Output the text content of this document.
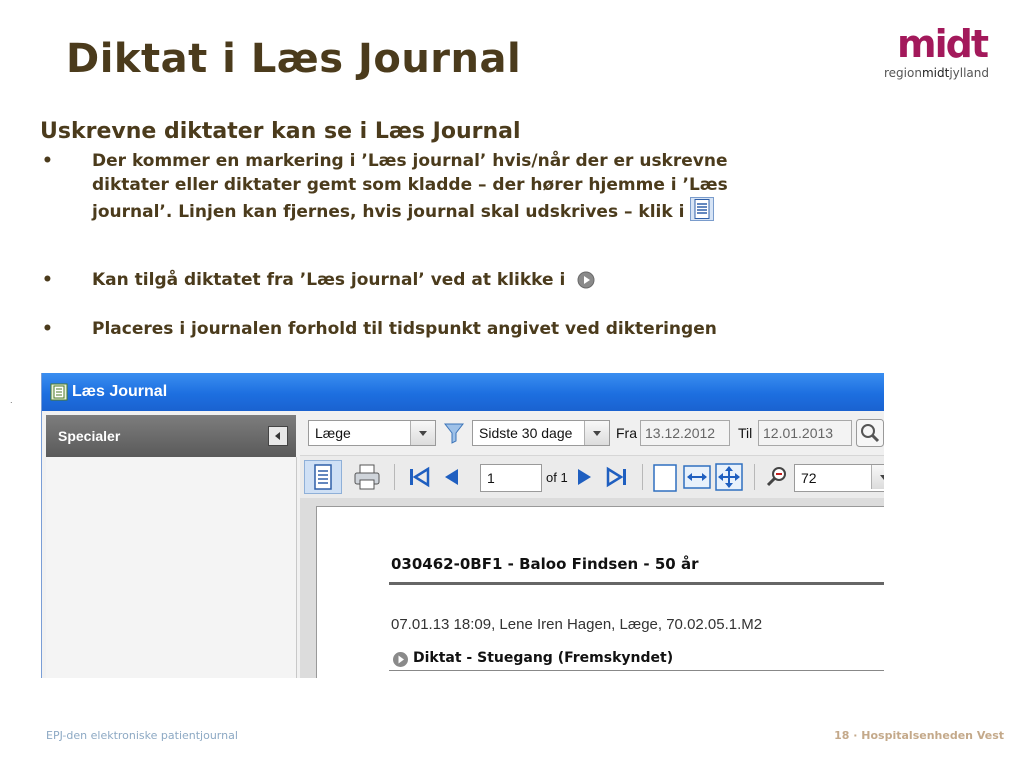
Diktat i Læs Journal	midt
regionmidtjylland
Uskrevne diktater kan se i Læs Journal
• Der kommer en markering i ’Læs journal’ hvis/når der er uskrevne diktater eller diktater gemt som kladde – der hører hjemme i ’Læs journal’. Linjen kan fjernes, hvis journal skal udskrives – klik i
• Kan tilgå diktatet fra ’Læs journal’ ved at klikke i
• Placeres i journalen forhold til tidspunkt angivet ved dikteringen
.
Læs Journal
Specialer	Læge	Sidste 30 dage	Fra 13.12.2012 Til 12.01.2013
1	of 1	72
030462-0BF1 - Baloo Findsen - 50 år
07.01.13 18:09, Lene Iren Hagen, Læge, 70.02.05.1.M2
Diktat - Stuegang (Fremskyndet)
EPJ-den elektroniske patientjournal	18 · Hospitalsenheden Vest
